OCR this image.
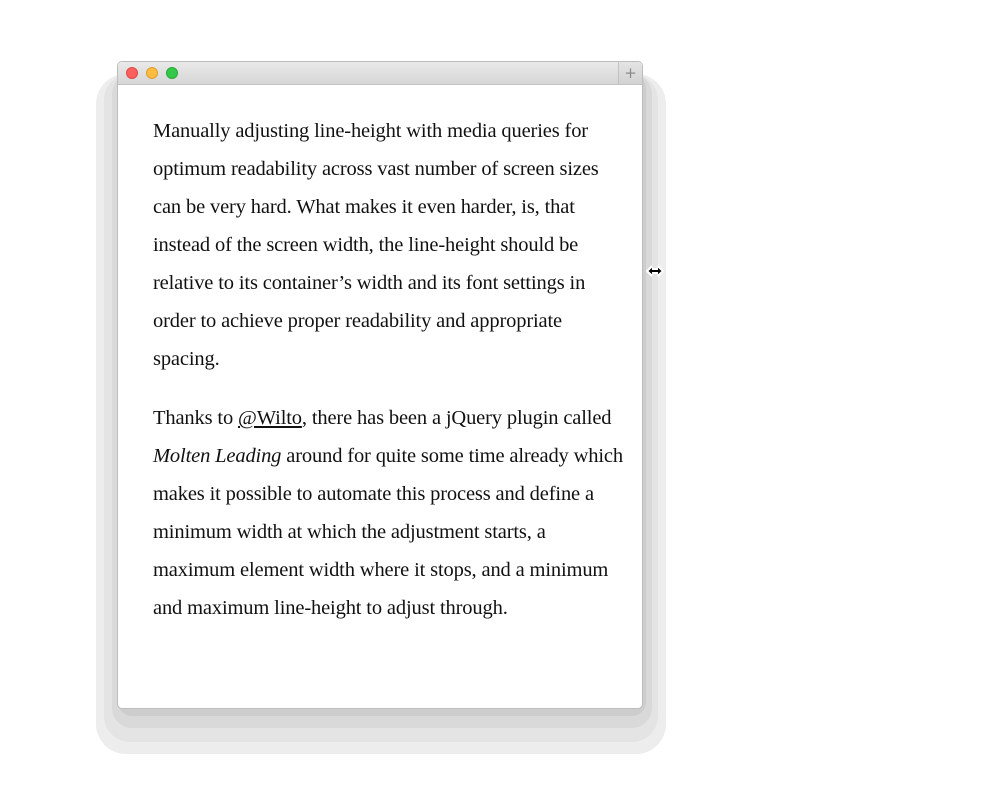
+

Manually adjusting line-height with media queries for optimum readability across vast number of screen sizes can be very hard. What makes it even harder, is, that instead of the screen width, the line-height should be relative to its container’s width and its font settings in order to achieve proper readability and appropriate spacing.

Thanks to @Wilto, there has been a jQuery plugin called Molten Leading around for quite some time already which makes it possible to automate this process and define a minimum width at which the adjustment starts, a maximum element width where it stops, and a minimum and maximum line-height to adjust through.
